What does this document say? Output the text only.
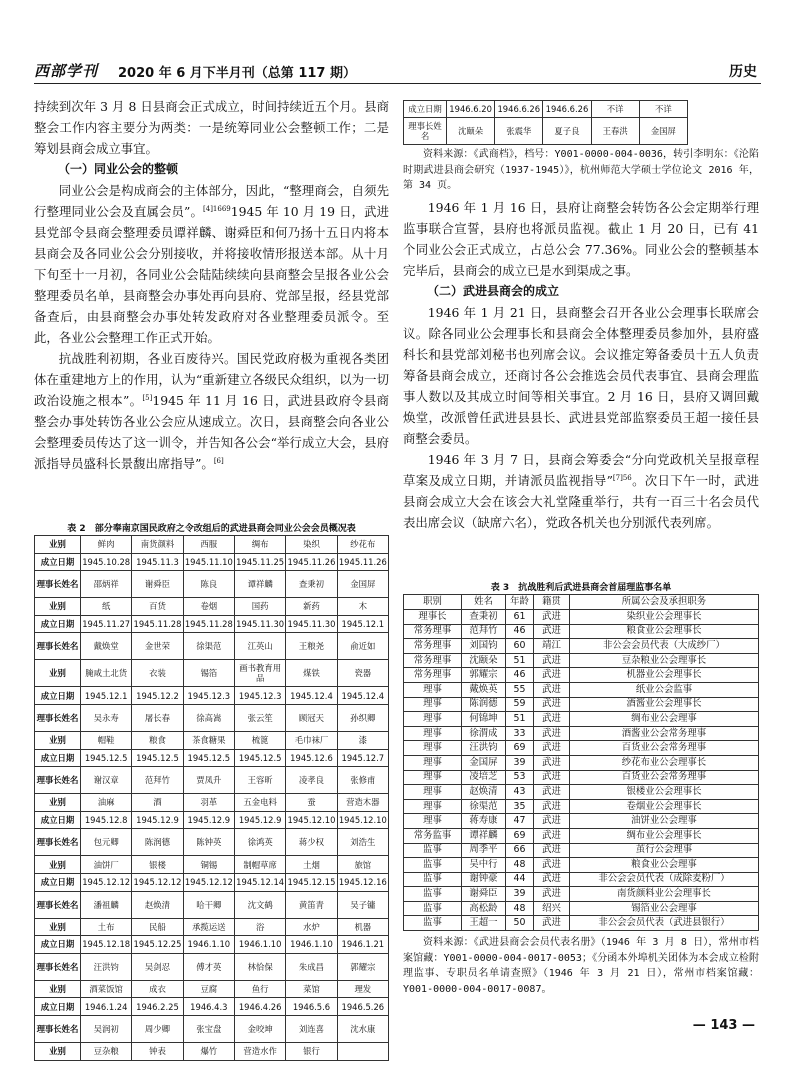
西部学刊 2020 年 6 月下半月刊（总第 117 期）	历史

持续到次年 3 月 8 日县商会正式成立，时间持续近五个月。县商整会工作内容主要分为两类：一是统筹同业公会整顿工作；二是筹划县商会成立事宜。

（一）同业公会的整顿

同业公会是构成商会的主体部分，因此，“整理商会，自须先行整理同业公会及直属会员”。$^{[4]1669}$1945 年 10 月 19 日，武进县党部令县商会整理委员谭祥麟、谢舜臣和何乃扬十五日内将本县商会及各同业公会分别接收，并将接收情形报送本部。从十月下旬至十一月初，各同业公会陆陆续续向县商整会呈报各业公会整理委员名单，县商整会办事处再向县府、党部呈报，经县党部备查后，由县商整会办事处转发政府对各业整理委员派令。至此，各业公会整理工作正式开始。

抗战胜利初期，各业百废待兴。国民党政府极为重视各类团体在重建地方上的作用，认为“重新建立各级民众组织，以为一切政治设施之根本”。[5]1945 年 11 月 16 日，武进县政府令县商整会办事处转饬各业公会应从速成立。次日，县商整会向各业公会整理委员传达了这一训令，并告知各公会“举行成立大会，县府派指导员盛科长景馥出席指导”。[6]

表 2　部分奉南京国民政府之令改组后的武进县商会同业公会会员概况表
业别	鲜肉	南货颜料	西服	绸布	染织	纱花布
成立日期	1945.10.28	1945.11.3	1945.11.10	1945.11.25	1945.11.26	1945.11.26
理事长姓名	邵炳祥	谢舜臣	陈良	谭祥麟	查秉初	金国屏
业别	纸	百货	卷烟	国药	新药	木
成立日期	1945.11.27	1945.11.28	1945.11.28	1945.11.30	1945.11.30	1945.12.1
理事长姓名	戴焕堂	金世荣	徐渠范	江英山	王粮尧	俞近如
业别	腌咸土北货	衣装	锡箔	画书教育用品	煤铁	瓷器
成立日期	1945.12.1	1945.12.2	1945.12.3	1945.12.3	1945.12.4	1945.12.4
理事长姓名	吴永寿	屠长春	徐高嵩	张云笙	顾冠天	孙织卿
业别	帽鞋	粮食	茶食糖果	梳篦	毛巾袜厂	漆
成立日期	1945.12.5	1945.12.5	1945.12.5	1945.12.5	1945.12.6	1945.12.7
理事长姓名	谢汉章	范拜竹	贾凤升	王容昕	凌孝良	张修甫
业别	油麻	酒	羽革	五金电料	蚕	营造木器
成立日期	1945.12.8	1945.12.9	1945.12.9	1945.12.9	1945.12.10	1945.12.10
理事长姓名	包元卿	陈润德	陈钟英	徐鸿英	蒋少权	刘浩生
业别	油饼厂	银楼	铜锡	制帽草席	土烟	旅馆
成立日期	1945.12.12	1945.12.12	1945.12.12	1945.12.14	1945.12.15	1945.12.16
理事长姓名	潘祖麟	赵焕清	哈干卿	沈文鹤	黄笛青	吴子镛
业别	土布	民船	承揽运送	浴	水炉	机器
成立日期	1945.12.18	1945.12.25	1946.1.10	1946.1.10	1946.1.10	1946.1.21
理事长姓名	汪洪钧	吴剑忍	傅才英	林恰保	朱成昌	郭耀宗
业别	酒菜饭馆	成衣	豆腐	鱼行	菜馆	理发
成立日期	1946.1.24	1946.2.25	1946.4.3	1946.4.26	1946.5.6	1946.5.26
理事长姓名	吴润初	周少卿	张宝盘	金咬坤	刘连喜	沈水康
业别	豆杂粮	钟表	爆竹	营造水作	银行	
成立日期	1946.6.20	1946.6.26	1946.6.26	不详	不详
理事长姓名	沈颐朵	张震华	夏子良	王春洪	金国屏

资料来源：《武商档》，档号：Y001-0000-004-0036，转引李明东：《沦陷时期武进县商会研究（1937-1945）》，杭州师范大学硕士学位论文 2016 年，第 34 页。

1946 年 1 月 16 日，县府让商整会转饬各公会定期举行理监事联合宣誓，县府也将派员监视。截止 1 月 20 日，已有 41 个同业公会正式成立，占总公会 77.36%。同业公会的整顿基本完毕后，县商会的成立已是水到渠成之事。

（二）武进县商会的成立

1946 年 1 月 21 日，县商整会召开各业公会理事长联席会议。除各同业公会理事长和县商会全体整理委员参加外，县府盛科长和县党部刘秘书也列席会议。会议推定筹备委员十五人负责筹备县商会成立，还商讨各公会推选会员代表事宜、县商会理监事人数以及其成立时间等相关事宜。2 月 16 日，县府又调回戴焕堂，改派曾任武进县县长、武进县党部监察委员王超一接任县商整会委员。

1946 年 3 月 7 日，县商会筹委会“分向党政机关呈报章程草案及成立日期，并请派员监视指导”$^{[7]56}$。次日下午一时，武进县商会成立大会在该会大礼堂隆重举行，共有一百三十名会员代表出席会议（缺席六名），党政各机关也分别派代表列席。

表 3　抗战胜利后武进县商会首届理监事名单
职别	姓名	年龄	籍贯	所属公会及承担职务
理事长	查秉初	61	武进	染织业公会理事长
常务理事	范拜竹	46	武进	粮食业公会理事长
常务理事	刘国钧	60	靖江	非公会会员代表（大成纱厂）
常务理事	沈颐朵	51	武进	豆杂粮业公会理事长
常务理事	郭耀宗	46	武进	机器业公会理事长
理事	戴焕英	55	武进	纸业公会监事
理事	陈润德	59	武进	酒酱业公会理事长
理事	何锦坤	51	武进	绸布业公会理事
理事	徐渭成	33	武进	酒酱业公会常务理事
理事	汪洪钧	69	武进	百货业公会常务理事
理事	金国屏	39	武进	纱花布业公会理事长
理事	凌培芝	53	武进	百货业公会常务理事
理事	赵焕清	43	武进	银楼业公会理事长
理事	徐渠范	35	武进	卷烟业公会理事长
理事	蒋寿康	47	武进	油饼业公会理事
常务监事	谭祥麟	69	武进	绸布业公会理事长
监事	周季平	66	武进	茧行公会理事
监事	吴中行	48	武进	粮食业公会理事
监事	谢钟豪	44	武进	非公会会员代表（成除麦粉厂）
监事	谢舜臣	39	武进	南货颜料业公会理事长
监事	高松龄	48	绍兴	锡箔业公会理事
监事	王超一	50	武进	非公会会员代表（武进县银行）

资料来源：《武进县商会会员代表名册》（1946 年 3 月 8 日），常州市档案馆藏：Y001-0000-004-0017-0053；《分函本外埠机关团体为本会成立检附理监事、专职员名单请查照》（1946 年 3 月 21 日），常州市档案馆藏：Y001-0000-004-0017-0087。

— 143 —
